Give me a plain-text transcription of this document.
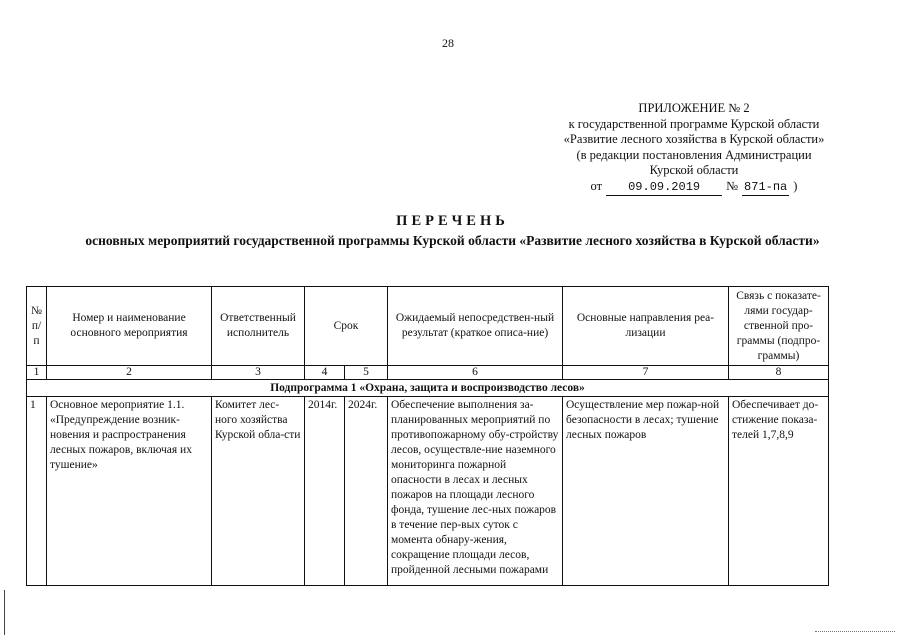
28
ПРИЛОЖЕНИЕ № 2
к государственной программе Курской области
«Развитие лесного хозяйства в Курской области»
(в редакции постановления Администрации
Курской области
от	09.09.2019	№ 871-па )
ПЕРЕЧЕНЬ
основных мероприятий государственной программы Курской области «Развитие лесного хозяйства в Курской области»
№ п/п	Номер и наименование основного мероприятия	Ответственный исполнитель	Срок		Ожидаемый непосредствен-ный результат (краткое описа-ние)	Основные направления реа-лизации	Связь с показате-лями государ-ственной про-граммы (подпро-граммы)
1	2	3	4	5	6	7	8
Подпрограмма 1 «Охрана, защита и воспроизводство лесов»							
1	Основное мероприятие 1.1. «Предупреждение возник-новения и распространения лесных пожаров, включая их тушение»	Комитет лес-ного хозяйства Курской обла-сти	2014г.	2024г.	Обеспечение выполнения за-планированных мероприятий по противопожарному обу-стройству лесов, осуществле-ние наземного мониторинга пожарной опасности в лесах и лесных пожаров на площади лесного фонда, тушение лес-ных пожаров в течение пер-вых суток с момента обнару-жения, сокращение площади лесов, пройденной лесными пожарами	Осуществление мер пожар-ной безопасности в лесах; тушение лесных пожаров	Обеспечивает до-стижение показа-телей 1,7,8,9
